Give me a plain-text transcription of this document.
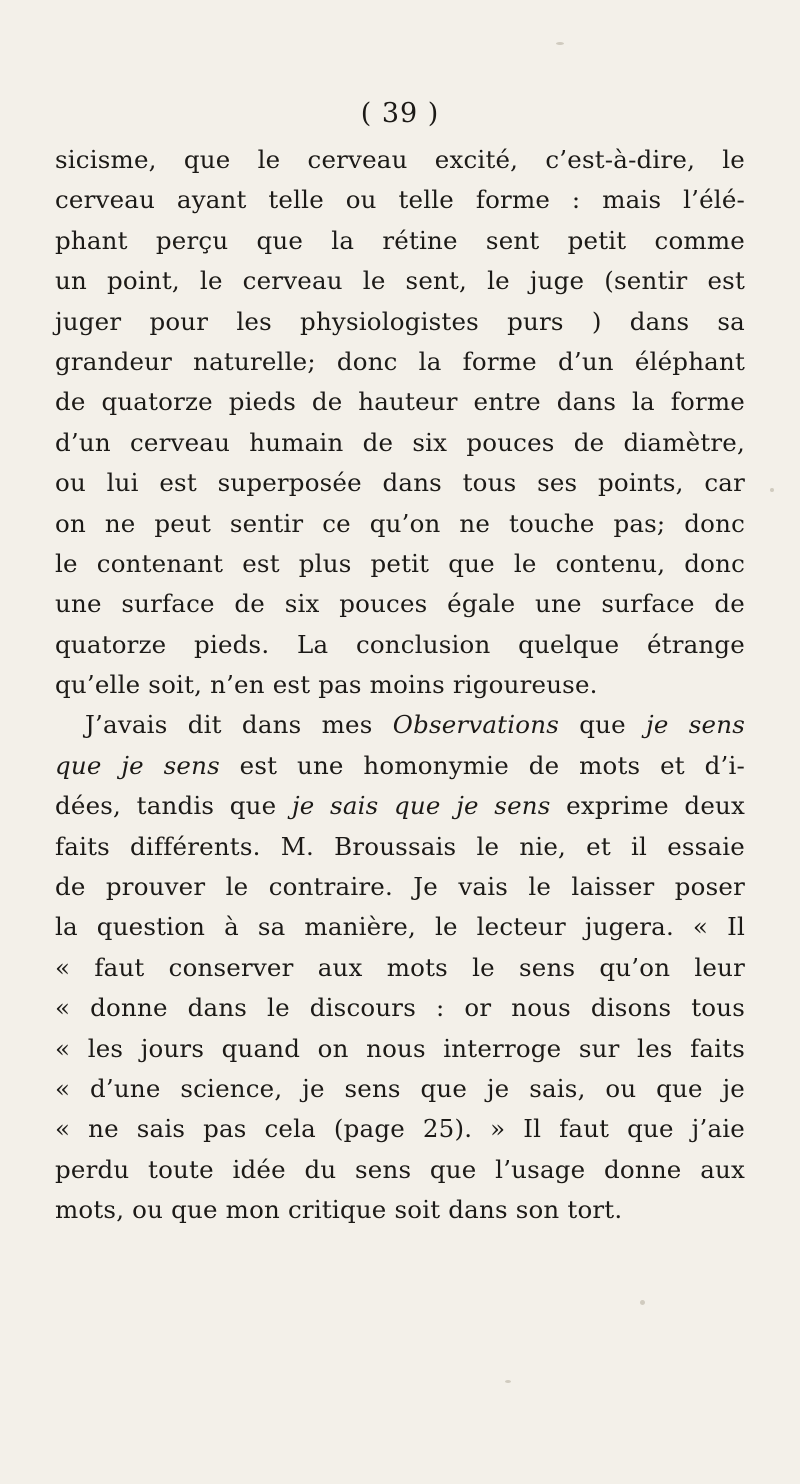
( 39 )
sicisme, que le cerveau excité, c’est-à-dire, le
cerveau ayant telle ou telle forme : mais l’élé-
phant perçu que la rétine sent petit comme
un point, le cerveau le sent, le juge (sentir est
juger pour les physiologistes purs ) dans sa
grandeur naturelle; donc la forme d’un éléphant
de quatorze pieds de hauteur entre dans la forme
d’un cerveau humain de six pouces de diamètre,
ou lui est superposée dans tous ses points, car
on ne peut sentir ce qu’on ne touche pas; donc
le contenant est plus petit que le contenu, donc
une surface de six pouces égale une surface de
quatorze pieds. La conclusion quelque étrange
qu’elle soit, n’en est pas moins rigoureuse.
J’avais dit dans mes Observations que je sens
que je sens est une homonymie de mots et d’i-
dées, tandis que je sais que je sens exprime deux
faits différents. M. Broussais le nie, et il essaie
de prouver le contraire. Je vais le laisser poser
la question à sa manière, le lecteur jugera. « Il
« faut conserver aux mots le sens qu’on leur
« donne dans le discours : or nous disons tous
« les jours quand on nous interroge sur les faits
« d’une science, je sens que je sais, ou que je
« ne sais pas cela (page 25). » Il faut que j’aie
perdu toute idée du sens que l’usage donne aux
mots, ou que mon critique soit dans son tort.
